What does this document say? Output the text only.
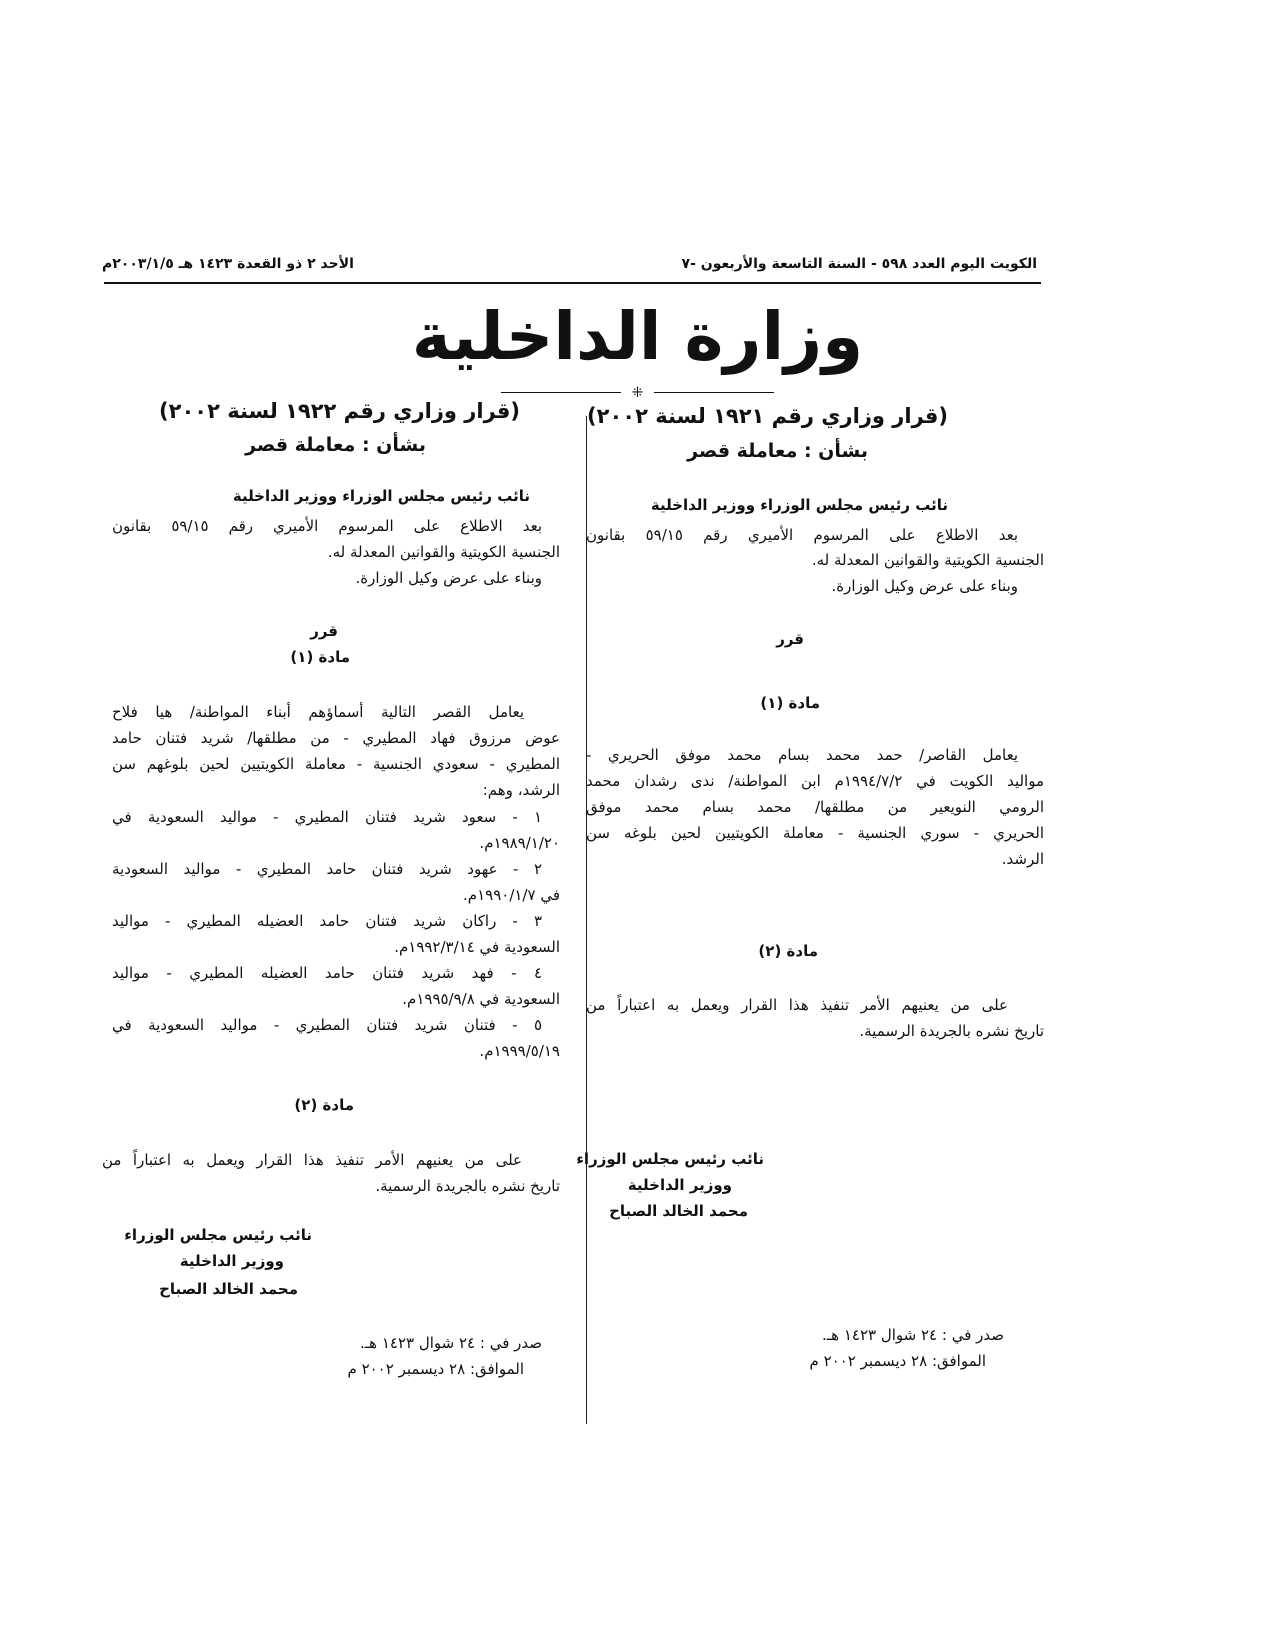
الكويت اليوم العدد ٥٩٨ - السنة التاسعة والأربعون -٧
الأحد ٢ ذو القعدة ١٤٢٣ هـ ٢٠٠٣/١/٥م
وزارة الداخلية
⁜
(قرار وزاري رقم ١٩٢١ لسنة ٢٠٠٢)
بشأن : معاملة قصر
نائب رئيس مجلس الوزراء ووزير الداخلية
بعد الاطلاع على المرسوم الأميري رقم ٥٩/١٥ بقانون
الجنسية الكويتية والقوانين المعدلة له.
وبناء على عرض وكيل الوزارة.
قرر
مادة (١)
يعامل القاصر/ حمد محمد بسام محمد موفق الحريري -
مواليد الكويت في ١٩٩٤/٧/٢م ابن المواطنة/ ندى رشدان محمد
الرومي النويعير من مطلقها/ محمد بسام محمد موفق
الحريري - سوري الجنسية - معاملة الكويتيين لحين بلوغه سن
الرشد.
مادة (٢)
على من يعنيهم الأمر تنفيذ هذا القرار ويعمل به اعتباراً من
تاريخ نشره بالجريدة الرسمية.
نائب رئيس مجلس الوزراء
ووزير الداخلية
محمد الخالد الصباح
صدر في : ٢٤ شوال ١٤٢٣ هـ.
الموافق: ٢٨ ديسمبر ٢٠٠٢ م
(قرار وزاري رقم ١٩٢٢ لسنة ٢٠٠٢)
بشأن : معاملة قصر
نائب رئيس مجلس الوزراء ووزير الداخلية
بعد الاطلاع على المرسوم الأميري رقم ٥٩/١٥ بقانون
الجنسية الكويتية والقوانين المعدلة له.
وبناء على عرض وكيل الوزارة.
قرر
مادة (١)
يعامل القصر التالية أسماؤهم أبناء المواطنة/ هيا فلاح
عوض مرزوق فهاد المطيري - من مطلقها/ شريد فتنان حامد
المطيري - سعودي الجنسية - معاملة الكويتيين لحين بلوغهم سن
الرشد، وهم:
١ - سعود شريد فتنان المطيري - مواليد السعودية في
١٩٨٩/١/٢٠م.
٢ - عهود شريد فتنان حامد المطيري - مواليد السعودية
في ١٩٩٠/١/٧م.
٣ - راكان شريد فتنان حامد العضيله المطيري - مواليد
السعودية في ١٩٩٢/٣/١٤م.
٤ - فهد شريد فتنان حامد العضيله المطيري - مواليد
السعودية في ١٩٩٥/٩/٨م.
٥ - فتنان شريد فتنان المطيري - مواليد السعودية في
١٩٩٩/٥/١٩م.
مادة (٢)
على من يعنيهم الأمر تنفيذ هذا القرار ويعمل به اعتباراً من
تاريخ نشره بالجريدة الرسمية.
نائب رئيس مجلس الوزراء
ووزير الداخلية
محمد الخالد الصباح
صدر في : ٢٤ شوال ١٤٢٣ هـ.
الموافق: ٢٨ ديسمبر ٢٠٠٢ م
